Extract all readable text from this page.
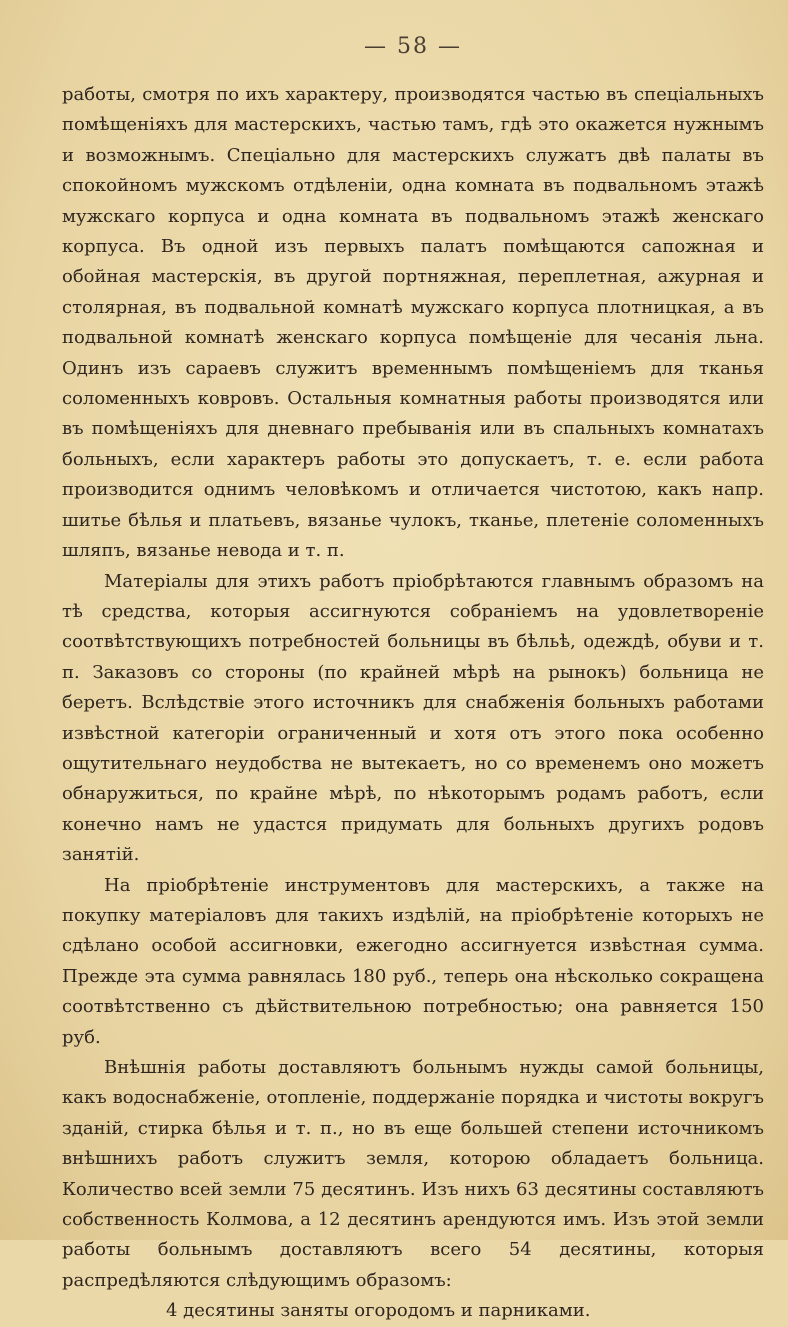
— 58 —

работы, смотря по ихъ характеру, производятся частью въ спеціальныхъ помѣщеніяхъ для мастерскихъ, частью тамъ, гдѣ это окажется нужнымъ и возможнымъ. Спеціально для мастерскихъ служатъ двѣ палаты въ спокойномъ мужскомъ отдѣленіи, одна комната въ подвальномъ этажѣ мужскаго корпуса и одна комната въ подвальномъ этажѣ женскаго корпуса. Въ одной изъ первыхъ палатъ помѣщаются сапожная и обойная мастерскія, въ другой портняжная, переплетная, ажурная и столярная, въ подвальной комнатѣ мужскаго корпуса плотницкая, а въ подвальной комнатѣ женскаго корпуса помѣщеніе для чесанія льна. Одинъ изъ сараевъ служитъ временнымъ помѣщеніемъ для тканья соломенныхъ ковровъ. Остальныя комнатныя работы производятся или въ помѣщеніяхъ для дневнаго пребыванія или въ спальныхъ комнатахъ больныхъ, если характеръ работы это допускаетъ, т. е. если работа производится однимъ человѣкомъ и отличается чистотою, какъ напр. шитье бѣлья и платьевъ, вязанье чулокъ, тканье, плетеніе соломенныхъ шляпъ, вязанье невода и т. п.

Матеріалы для этихъ работъ пріобрѣтаются главнымъ образомъ на тѣ средства, которыя ассигнуются собраніемъ на удовлетвореніе соотвѣтствующихъ потребностей больницы въ бѣльѣ, одеждѣ, обуви и т. п. Заказовъ со стороны (по крайней мѣрѣ на рынокъ) больница не беретъ. Вслѣдствіе этого источникъ для снабженія больныхъ работами извѣстной категоріи ограниченный и хотя отъ этого пока особенно ощутительнаго неудобства не вытекаетъ, но со временемъ оно можетъ обнаружиться, по крайне мѣрѣ, по нѣкоторымъ родамъ работъ, если конечно намъ не удастся придумать для больныхъ другихъ родовъ занятій.

На пріобрѣтеніе инструментовъ для мастерскихъ, а также на покупку матеріаловъ для такихъ издѣлій, на пріобрѣтеніе которыхъ не сдѣлано особой ассигновки, ежегодно ассигнуется извѣстная сумма. Прежде эта сумма равнялась 180 руб., теперь она нѣсколько сокращена соотвѣтственно съ дѣйствительною потребностью; она равняется 150 руб.

Внѣшнія работы доставляютъ больнымъ нужды самой больницы, какъ водоснабженіе, отопленіе, поддержаніе порядка и чистоты вокругъ зданій, стирка бѣлья и т. п., но въ еще большей степени источникомъ внѣшнихъ работъ служитъ земля, которою обладаетъ больница. Количество всей земли 75 десятинъ. Изъ нихъ 63 десятины составляютъ собственность Колмова, а 12 десятинъ арендуются имъ. Изъ этой земли работы больнымъ доставляютъ всего 54 десятины, которыя распредѣляются слѣдующимъ образомъ:

4 десятины заняты огородомъ и парниками.
